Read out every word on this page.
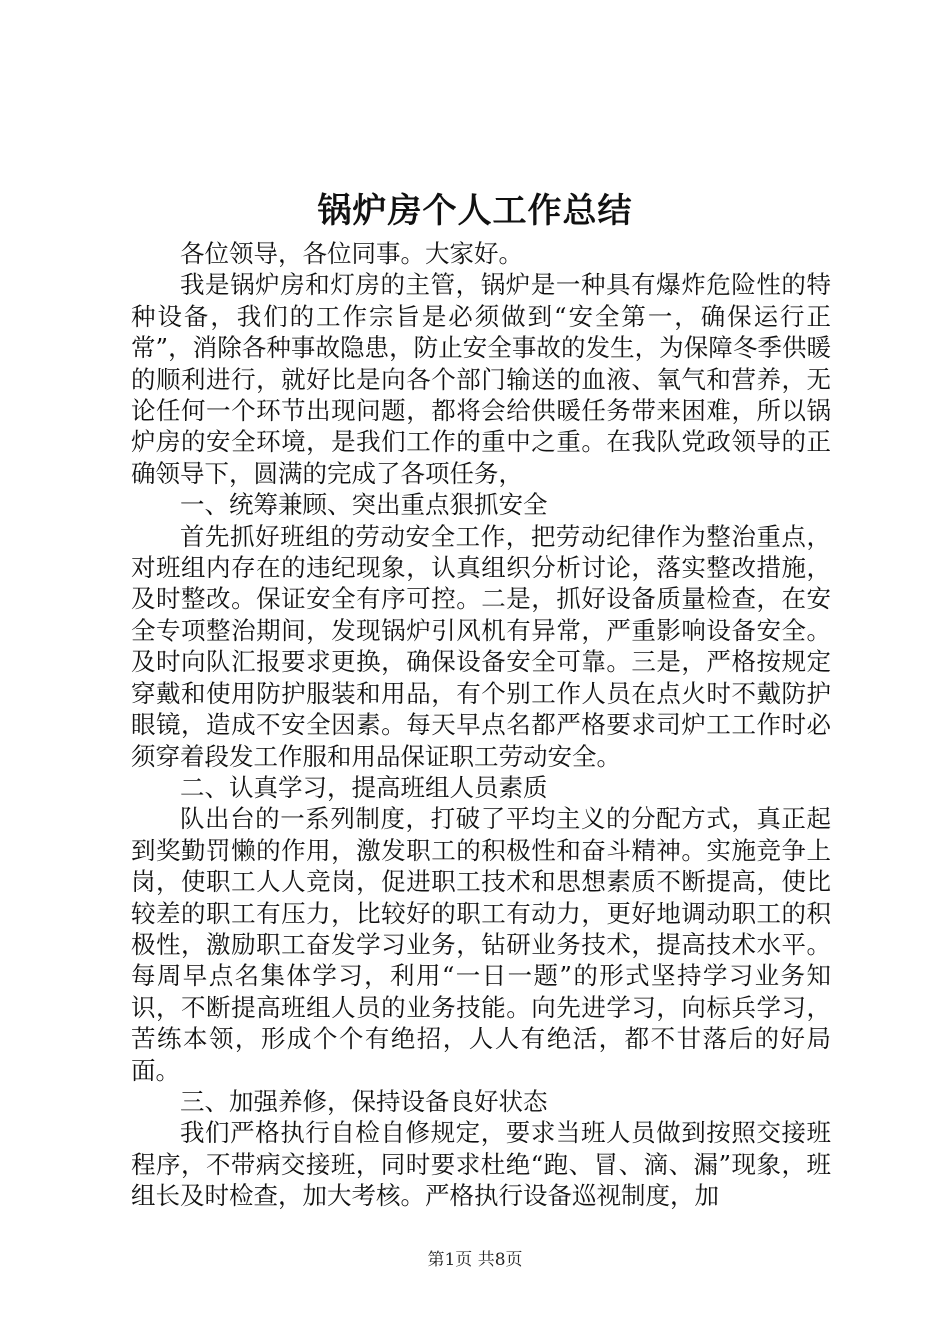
锅炉房个人工作总结

各位领导，各位同事。大家好。

我是锅炉房和灯房的主管，锅炉是一种具有爆炸危险性的特种设备，我们的工作宗旨是必须做到“安全第一，确保运行正常”，消除各种事故隐患，防止安全事故的发生，为保障冬季供暖的顺利进行，就好比是向各个部门输送的血液、氧气和营养，无论任何一个环节出现问题，都将会给供暖任务带来困难，所以锅炉房的安全环境，是我们工作的重中之重。在我队党政领导的正确领导下，圆满的完成了各项任务，

一、统筹兼顾、突出重点狠抓安全

首先抓好班组的劳动安全工作，把劳动纪律作为整治重点，对班组内存在的违纪现象，认真组织分析讨论，落实整改措施，及时整改。保证安全有序可控。二是，抓好设备质量检查，在安全专项整治期间，发现锅炉引风机有异常，严重影响设备安全。及时向队汇报要求更换，确保设备安全可靠。三是，严格按规定穿戴和使用防护服装和用品，有个别工作人员在点火时不戴防护眼镜，造成不安全因素。每天早点名都严格要求司炉工工作时必须穿着段发工作服和用品保证职工劳动安全。

二、认真学习，提高班组人员素质

队出台的一系列制度，打破了平均主义的分配方式，真正起到奖勤罚懒的作用，激发职工的积极性和奋斗精神。实施竞争上岗，使职工人人竞岗，促进职工技术和思想素质不断提高，使比较差的职工有压力，比较好的职工有动力，更好地调动职工的积极性，激励职工奋发学习业务，钻研业务技术，提高技术水平。每周早点名集体学习，利用“一日一题”的形式坚持学习业务知识，不断提高班组人员的业务技能。向先进学习，向标兵学习，苦练本领，形成个个有绝招，人人有绝活，都不甘落后的好局面。

三、加强养修，保持设备良好状态

我们严格执行自检自修规定，要求当班人员做到按照交接班程序，不带病交接班，同时要求杜绝“跑、冒、滴、漏”现象，班组长及时检查，加大考核。严格执行设备巡视制度，加

第1页 共8页
